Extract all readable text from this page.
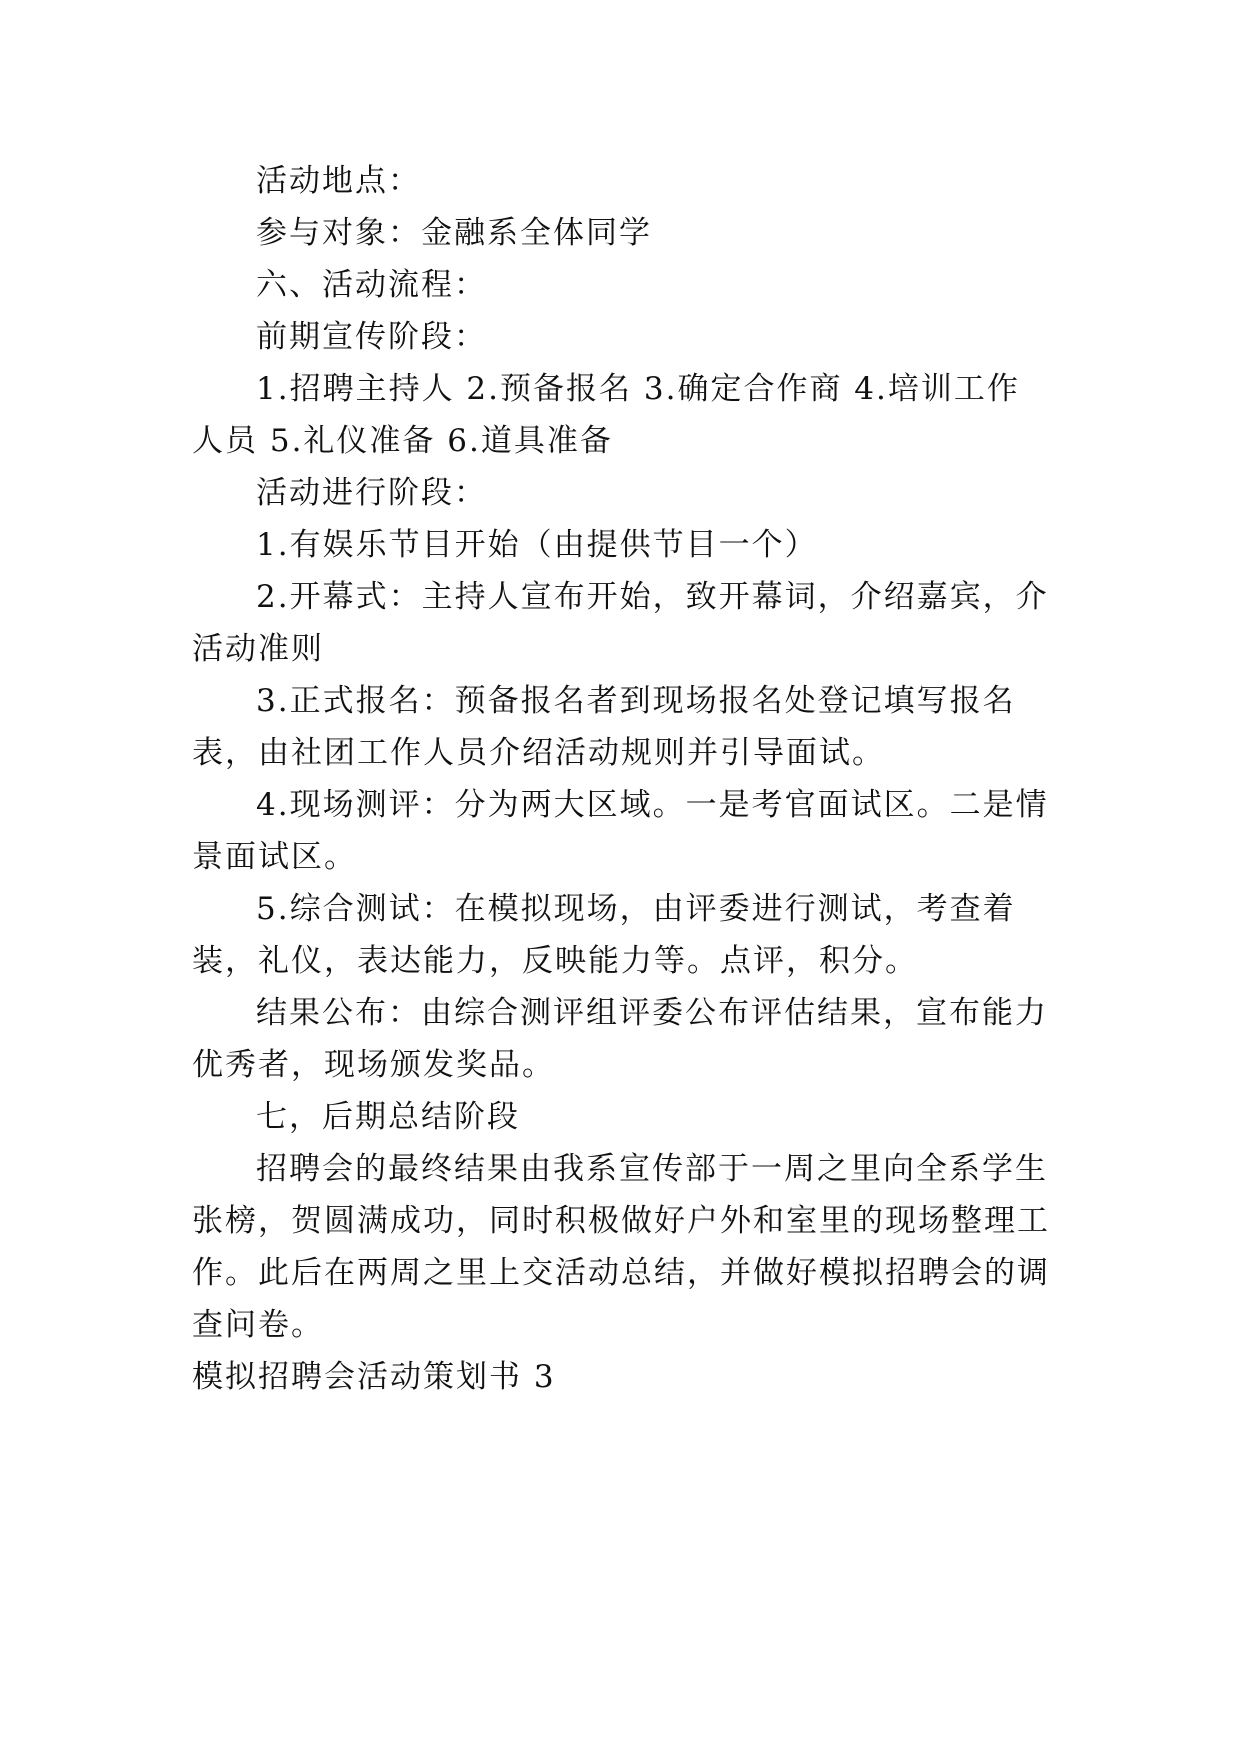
活动地点：

参与对象：金融系全体同学

六、活动流程：

前期宣传阶段：

1.招聘主持人 2.预备报名 3.确定合作商 4.培训工作人员 5.礼仪准备 6.道具准备

活动进行阶段：

1.有娱乐节目开始（由提供节目一个）

2.开幕式：主持人宣布开始，致开幕词，介绍嘉宾，介活动准则

3.正式报名：预备报名者到现场报名处登记填写报名表，由社团工作人员介绍活动规则并引导面试。

4.现场测评：分为两大区域。一是考官面试区。二是情景面试区。

5.综合测试：在模拟现场，由评委进行测试，考查着装，礼仪，表达能力，反映能力等。点评，积分。

结果公布：由综合测评组评委公布评估结果，宣布能力优秀者，现场颁发奖品。

七，后期总结阶段

招聘会的最终结果由我系宣传部于一周之里向全系学生张榜，贺圆满成功，同时积极做好户外和室里的现场整理工作。此后在两周之里上交活动总结，并做好模拟招聘会的调查问卷。

模拟招聘会活动策划书 3
